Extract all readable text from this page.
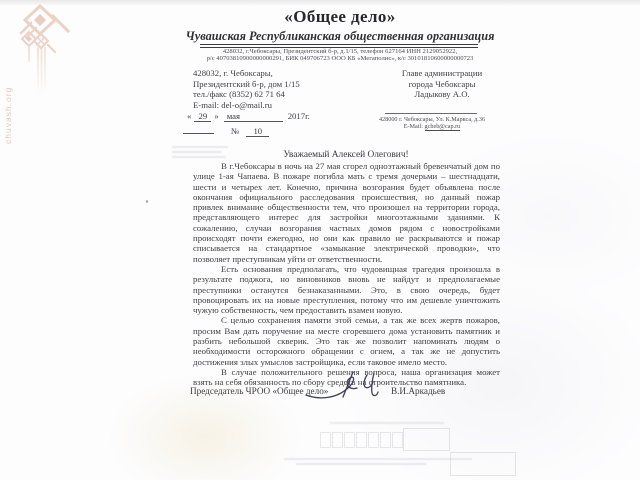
chuvash.org
«Общее дело»
Чувашская Республиканская общественная организация
428032, г.Чебоксары, Президентский б-р, д.1/15, телефон 627164 ИНН 2129052922,
р/с 40703810900000000291, БИК 049706723 ООО КБ «Мегаполис», к/с 30101810600000000723
428032, г. Чебоксары,
Президентский б-р, дом 1/15
тел./факс (8352) 62 71 64
E-mail: del-o@mail.ru
« 29 » мая	2017г.
№	10
Главе администрации
города Чебоксары
Ладыкову А.О.
428000 г. Чебоксары, Ул. К.Маркса, д.36
E-Mail: gcheb@cap.ru
Уважаемый Алексей Олегович!

В г.Чебоксары в ночь на 27 мая сгорел одноэтажный бревенчатый дом по улице 1-ая Чапаева. В пожаре погибла мать с тремя дочерьми – шестнадцати, шести и четырех лет. Конечно, причина возгорания будет объявлена после окончания официального расследования происшествия, но данный пожар привлек внимание общественности тем, что произошел на территории города, представляющего интерес для застройки многоэтажными зданиями. К сожалению, случаи возгорания частных домов рядом с новостройками происходят почти ежегодно, но они как правило не раскрываются и пожар списывается на стандартное «замыкание электрической проводки», что позволяет преступникам уйти от ответственности.

Есть основания предполагать, что чудовищная трагедия произошла в результате поджога, но виновников вновь не найдут и предполагаемые преступники останутся безнаказанными. Это, в свою очередь, будет провоцировать их на новые преступления, потому что им дешевле уничтожить чужую собственность, чем предоставить взамен новую.

С целью сохранения памяти этой семьи, а так же всех жертв пожаров, просим Вам дать поручение на месте сгоревшего дома установить памятник и разбить небольшой скверик. Это так же позволит напоминать людям о необходимости осторожного обращении с огнем, а так же не допустить достижения злых умыслов застройщика, если таковое имело место.

В случае положительного решения вопроса, наша организация может взять на себя обязанность по сбору средств на строительство памятника.

Председатель ЧРОО «Общее дело»	В.И.Аркадьев
